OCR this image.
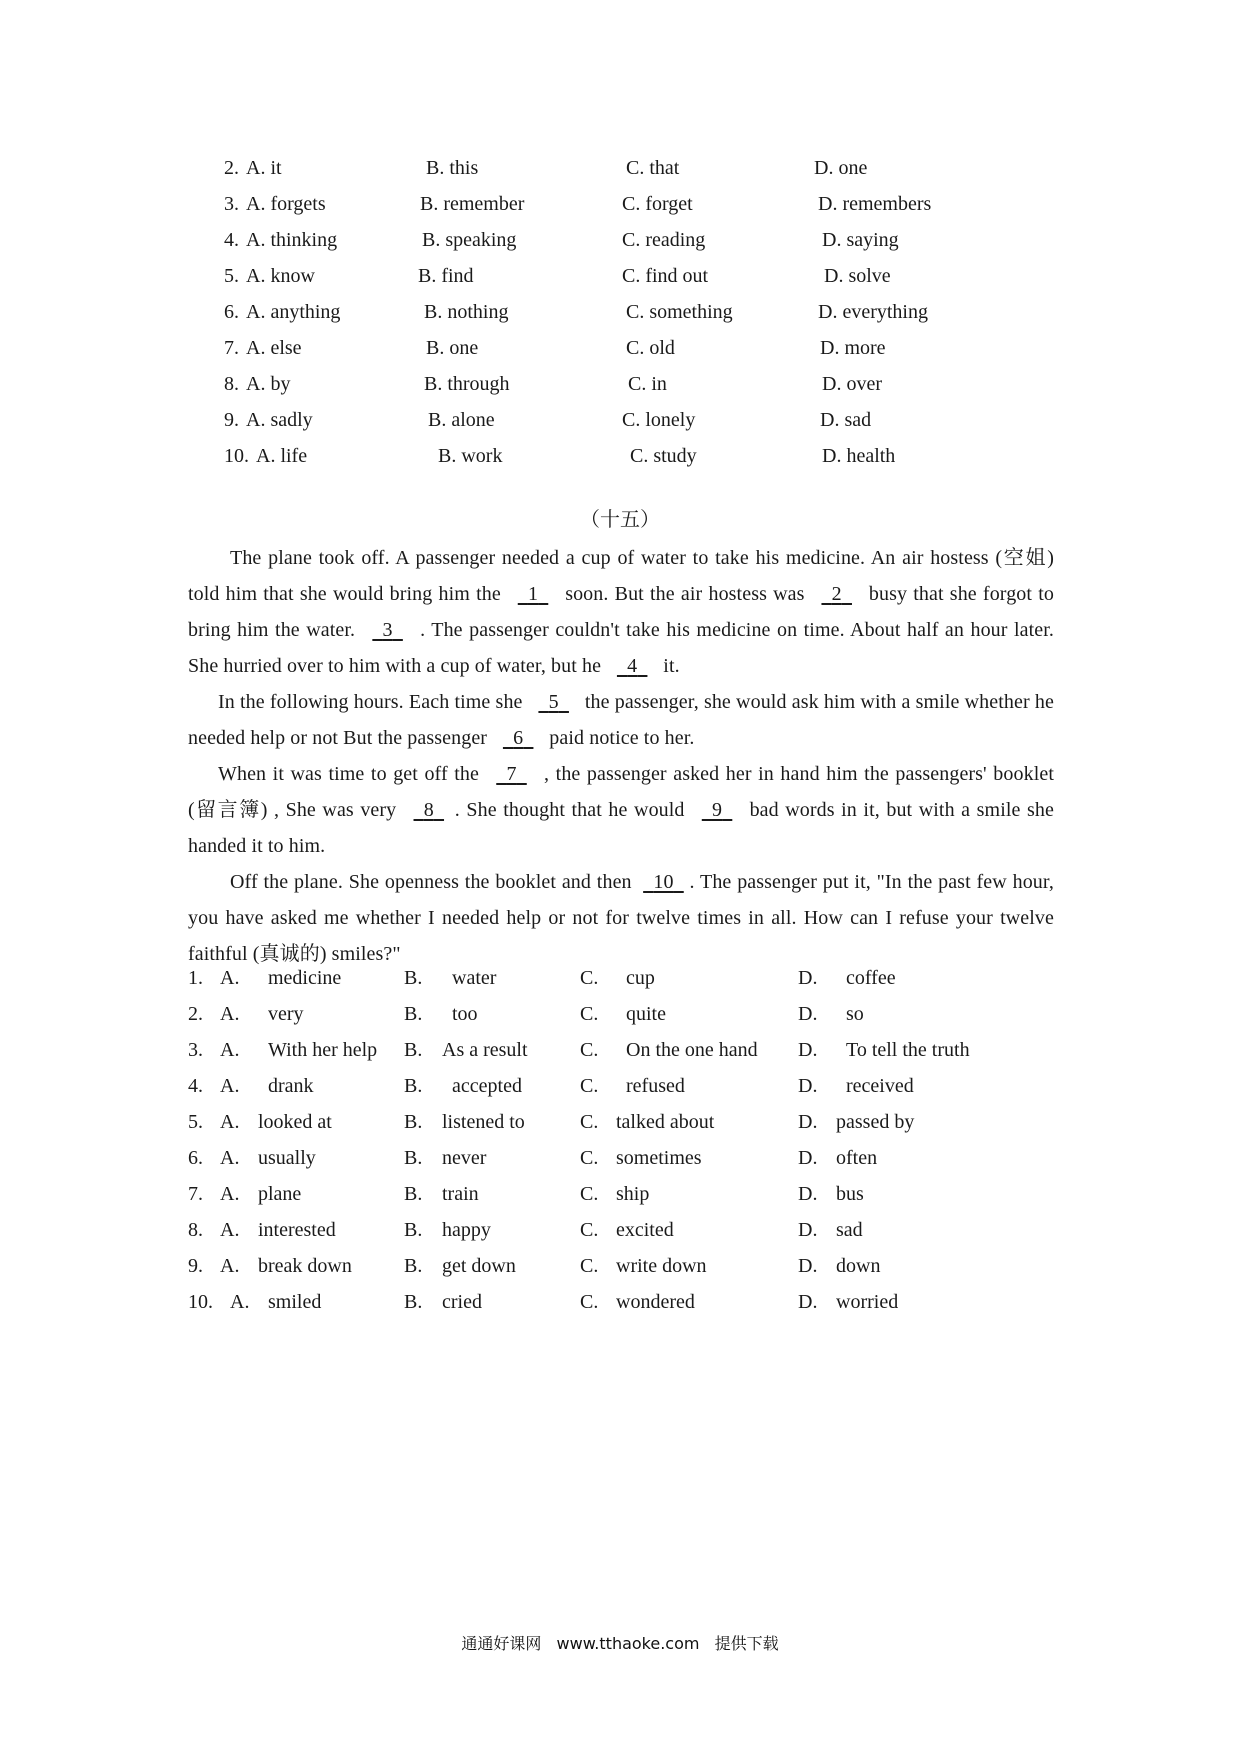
2. A. it	B. this	C. that	D. one
3. A. forgets	B. remember	C. forget	D. remembers
4. A. thinking	B. speaking	C. reading	D. saying
5. A. know	B. find	C. find out	D. solve
6. A. anything	B. nothing	C. something	D. everything
7. A. else	B. one	C. old	D. more
8. A. by	B. through	C. in	D. over
9. A. sadly	B. alone	C. lonely	D. sad
10. A. life	B. work	C. study	D. health
（十五）

The plane took off. A passenger needed a cup of water to take his medicine. An air hostess (空姐) told him that she would bring him the 1 soon. But the air hostess was 2 busy that she forgot to bring him the water. 3 . The passenger couldn't take his medicine on time. About half an hour later. She hurried over to him with a cup of water, but he 4 it.

In the following hours. Each time she 5 the passenger, she would ask him with a smile whether he needed help or not But the passenger 6 paid notice to her.

When it was time to get off the 7 , the passenger asked her in hand him the passengers' booklet (留言簿) , She was very 8 . She thought that he would 9 bad words in it, but with a smile she handed it to him.

Off the plane. She openness the booklet and then 10 . The passenger put it, "In the past few hour, you have asked me whether I needed help or not for twelve times in all. How can I refuse your twelve faithful (真诚的) smiles?"

1. A. medicine	B. water	C. cup	D. coffee
2. A. very	B. too	C. quite	D. so
3. A. With her help B. As a result	C. On the one hand D. To tell the truth
4. A. drank	B. accepted	C. refused	D. received
5. A. looked at	B. listened to	C. talked about	D. passed by
6. A. usually	B. never	C. sometimes	D. often
7. A. plane	B. train	C. ship	D. bus
8. A. interested	B. happy	C. excited	D. sad
9. A. break down	B. get down	C. write down	D. down
10. A. smiled	B. cried	C. wondered	D. worried
通通好课网 www.tthaoke.com 提供下载
